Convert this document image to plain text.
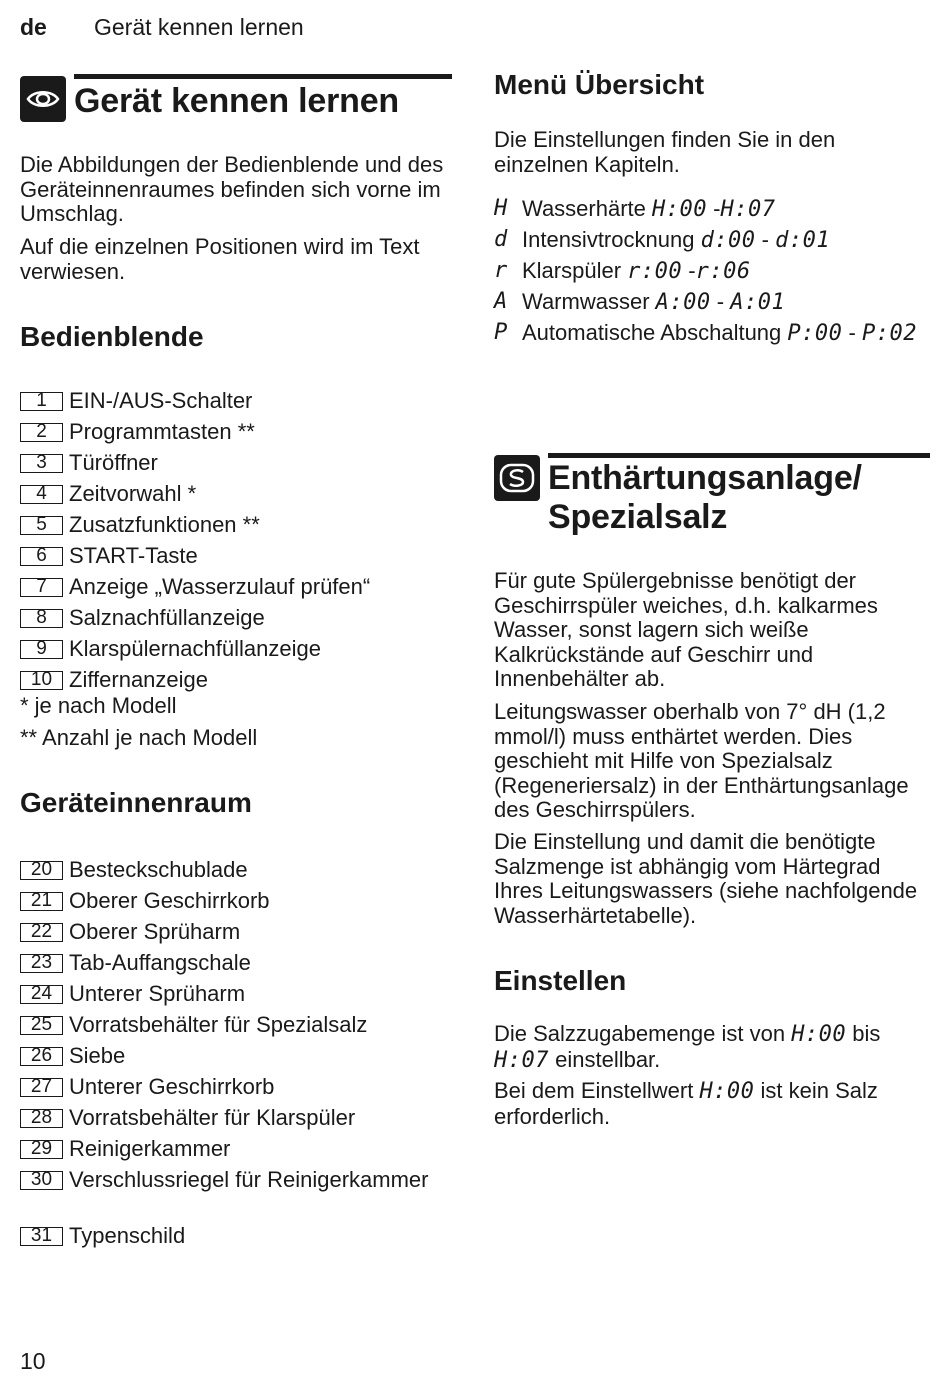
de	Gerät kennen lernen
Gerät kennen lernen
Die Abbildungen der Bedienblende und des Geräteinnenraumes befinden sich vorne im Umschlag.
Auf die einzelnen Positionen wird im Text verwiesen.
Bedienblende
1	EIN-/AUS-Schalter
2	Programmtasten **
3	Türöffner
4	Zeitvorwahl *
5	Zusatzfunktionen **
6	START-Taste
7	Anzeige „Wasserzulauf prüfen“
8	Salznachfüllanzeige
9	Klarspülernachfüllanzeige
10 Ziffernanzeige
* je nach Modell
** Anzahl je nach Modell
Geräteinnenraum
20 Besteckschublade
21 Oberer Geschirrkorb
22 Oberer Sprüharm
23 Tab-Auffangschale
24 Unterer Sprüharm
25 Vorratsbehälter für Spezialsalz
26 Siebe
27 Unterer Geschirrkorb
28 Vorratsbehälter für Klarspüler
29 Reinigerkammer
30 Verschlussriegel für Reinigerkammer
31 Typenschild
Menü Übersicht
Die Einstellungen finden Sie in den einzelnen Kapiteln.
H Wasserhärte H:00 -H:07
d Intensivtrocknung d:00 - d:01
r Klarspüler r:00 -r:06
A Warmwasser A:00 - A:01
P Automatische Abschaltung P:00 - P:02
Enthärtungsanlage/
Spezialsalz
Für gute Spülergebnisse benötigt der Geschirrspüler weiches, d.h. kalkarmes Wasser, sonst lagern sich weiße Kalkrückstände auf Geschirr und Innenbehälter ab.
Leitungswasser oberhalb von 7° dH (1,2 mmol/l) muss enthärtet werden. Dies geschieht mit Hilfe von Spezialsalz (Regeneriersalz) in der Enthärtungsanlage des Geschirrspülers.
Die Einstellung und damit die benötigte Salzmenge ist abhängig vom Härtegrad Ihres Leitungswassers (siehe nachfolgende Wasserhärtetabelle).
Einstellen
Die Salzzugabemenge ist von H:00 bis H:07 einstellbar.
Bei dem Einstellwert H:00 ist kein Salz erforderlich.
10
